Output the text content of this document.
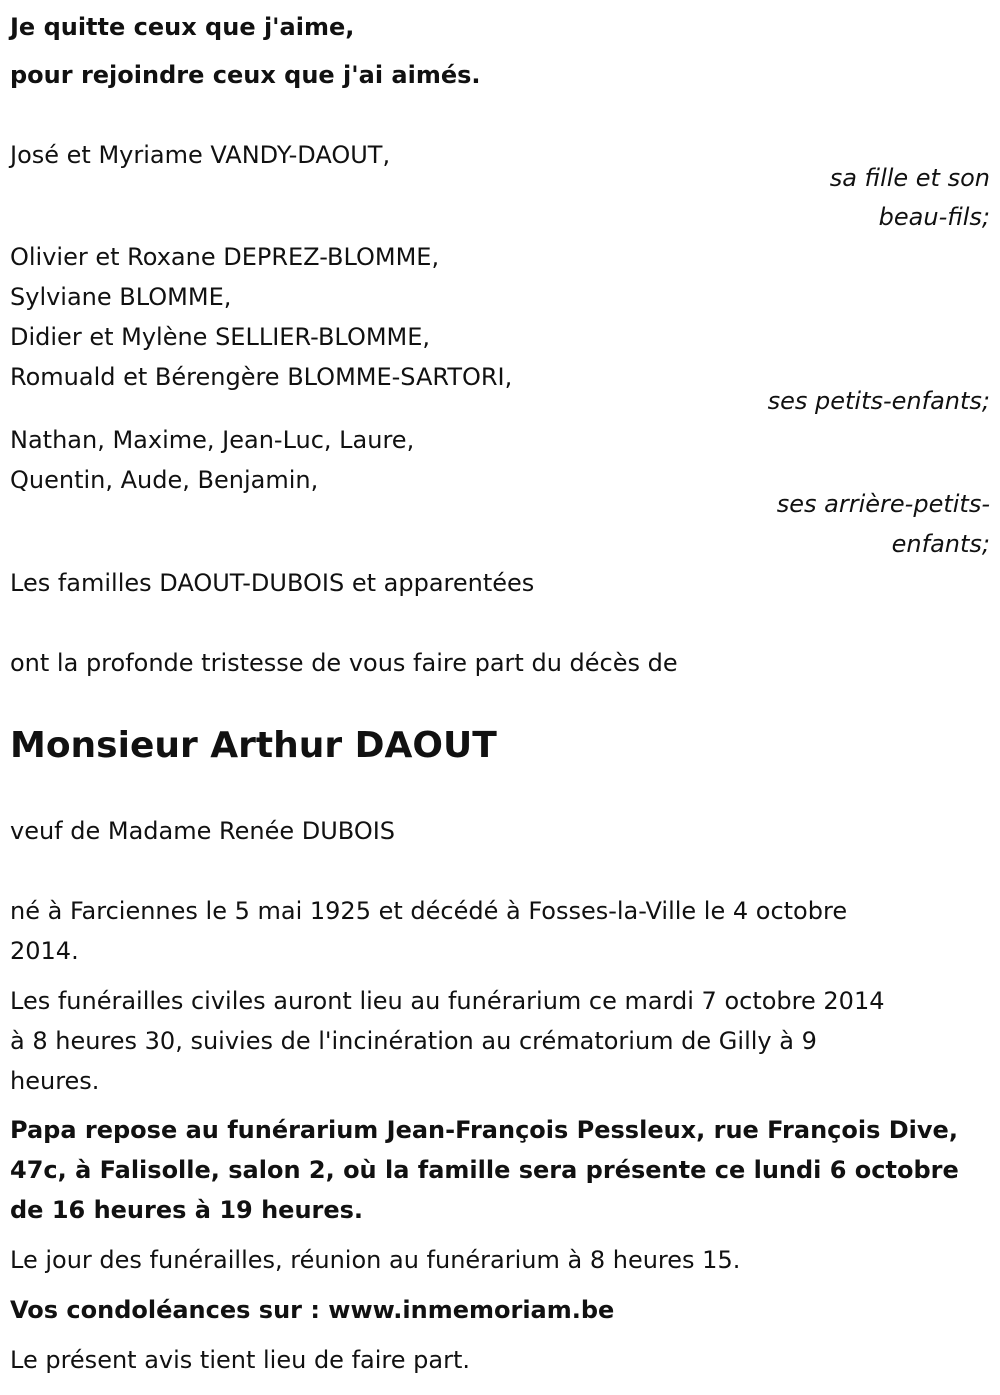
Je quitte ceux que j'aime,
pour rejoindre ceux que j'ai aimés.
José et Myriame VANDY-DAOUT,
sa fille et son
beau-fils;
Olivier et Roxane DEPREZ-BLOMME,
Sylviane BLOMME,
Didier et Mylène SELLIER-BLOMME,
Romuald et Bérengère BLOMME-SARTORI,
ses petits-enfants;
Nathan, Maxime, Jean-Luc, Laure,
Quentin, Aude, Benjamin,
ses arrière-petits-
enfants;
Les familles DAOUT-DUBOIS et apparentées
ont la profonde tristesse de vous faire part du décès de
Monsieur Arthur DAOUT
veuf de Madame Renée DUBOIS
né à Farciennes le 5 mai 1925 et décédé à Fosses-la-Ville le 4 octobre
2014.
Les funérailles civiles auront lieu au funérarium ce mardi 7 octobre 2014
à 8 heures 30, suivies de l'incinération au crématorium de Gilly à 9
heures.
Papa repose au funérarium Jean-François Pessleux, rue François Dive,
47c, à Falisolle, salon 2, où la famille sera présente ce lundi 6 octobre
de 16 heures à 19 heures.
Le jour des funérailles, réunion au funérarium à 8 heures 15.
Vos condoléances sur : www.inmemoriam.be
Le présent avis tient lieu de faire part.
